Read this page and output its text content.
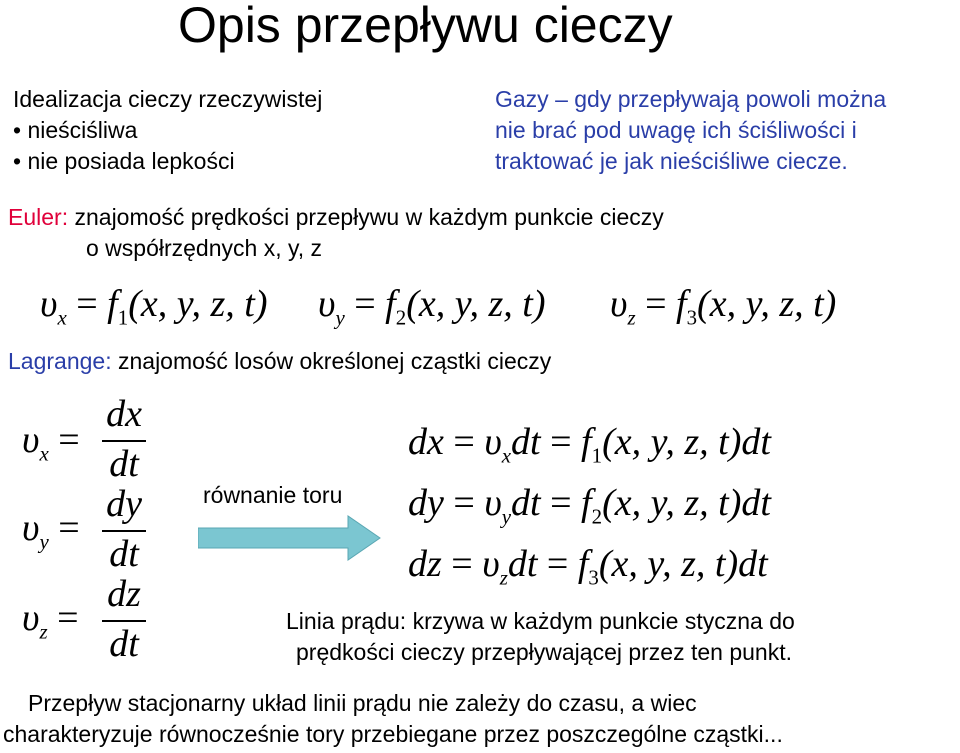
Opis przepływu cieczy
Idealizacja cieczy rzeczywistej
• nieściśliwa
• nie posiada lepkości
Gazy – gdy przepływają powoli można
nie brać pod uwagę ich ściśliwości i
traktować je jak nieściśliwe ciecze.
Euler: znajomość prędkości przepływu w każdym punkcie cieczy
o współrzędnych x, y, z
$\upsilon_x = f_1(x$, y, z, t) $\upsilon_y = f_2(x$, y, z, t) $\upsilon_z = f_3(x$, y, z, t)
Lagrange: znajomość losów określonej cząstki cieczy
$\upsilon_x$ =
dx
dt
$\upsilon_y$ =
dy
dt
$\upsilon_z$ =
dz
dt
równanie toru
dx = $\upsilon_xdt = f_1(x$, y, z, t)dt
dy = $\upsilon_ydt = f_2(x$, y, z, t)dt
dz = $\upsilon_zdt = f_3(x$, y, z, t)dt
Linia prądu: krzywa w każdym punkcie styczna do
prędkości cieczy przepływającej przez ten punkt.
Przepływ stacjonarny układ linii prądu nie zależy do czasu, a wiec
charakteryzuje równocześnie tory przebiegane przez poszczególne cząstki...
